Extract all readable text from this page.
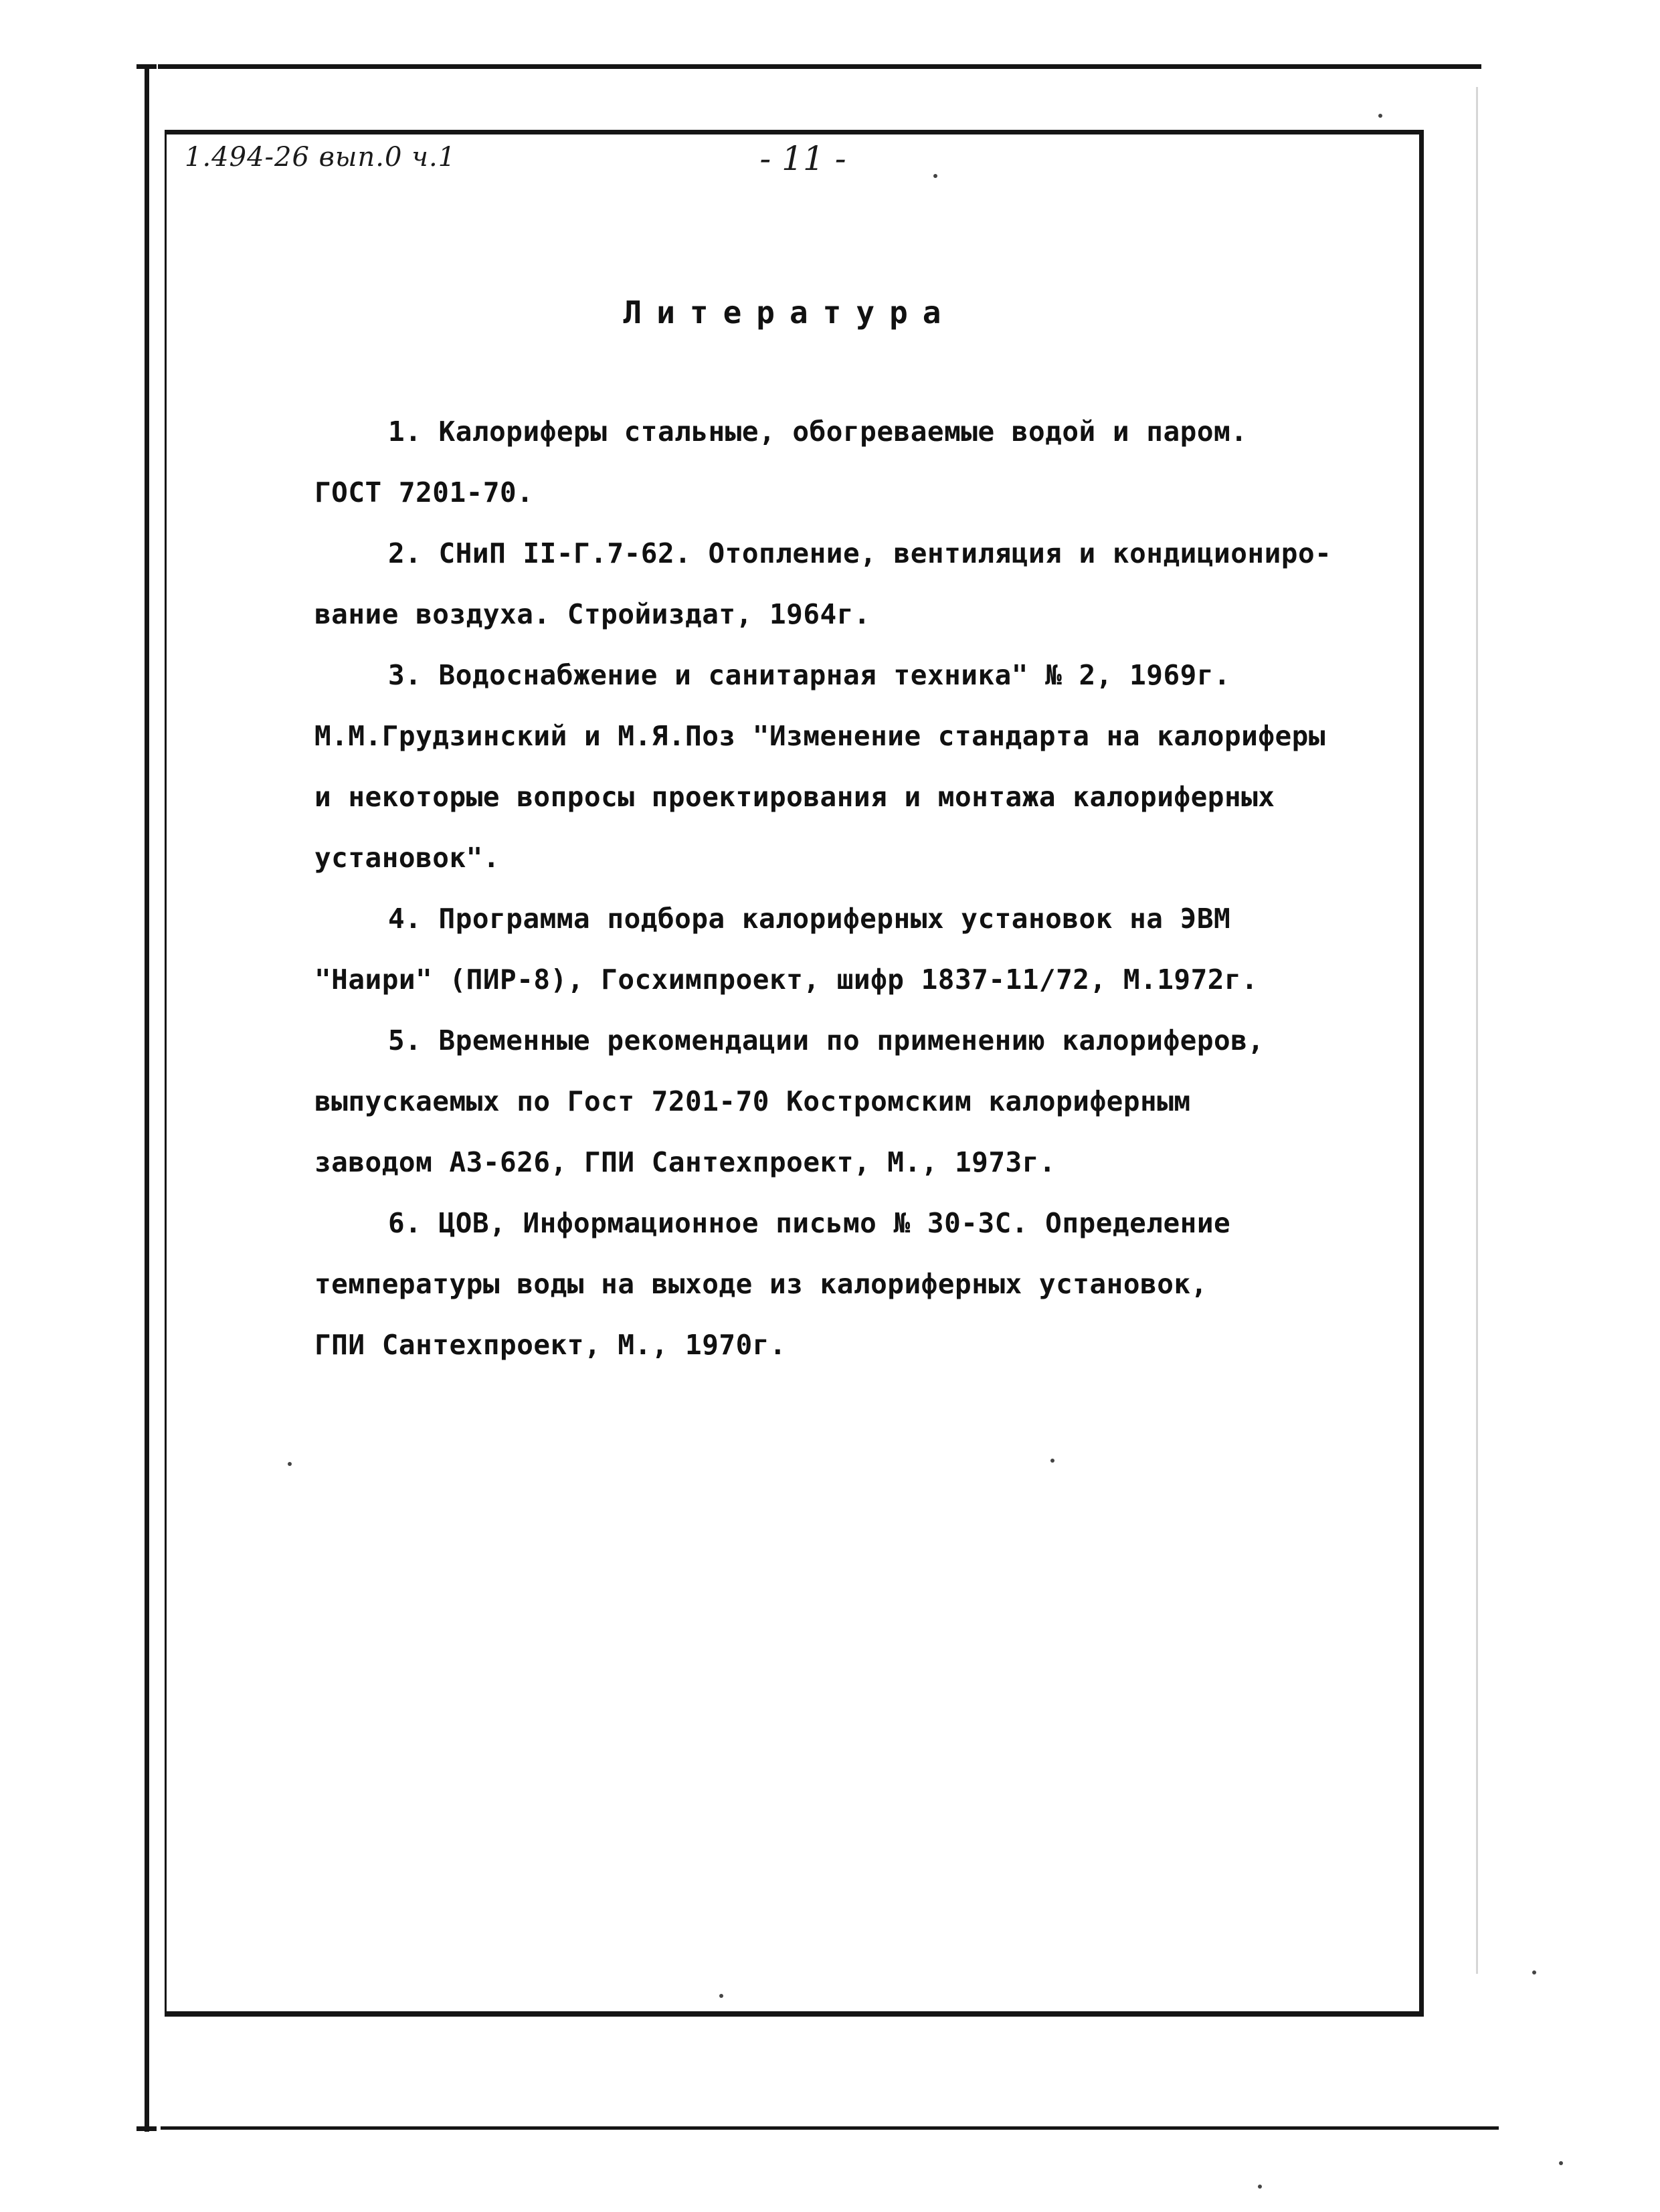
1.494-26 вып.0 ч.1	- 11 -
Литература
1. Калориферы стальные, обогреваемые водой и паром.
ГОСТ 7201-70.
2. СНиП II-Г.7-62. Отопление, вентиляция и кондициониро-
вание воздуха. Стройиздат, 1964г.
3. Водоснабжение и санитарная техника" № 2, 1969г.
М.М.Грудзинский и М.Я.Поз "Изменение стандарта на калориферы
и некоторые вопросы проектирования и монтажа калориферных
установок".
4. Программа подбора калориферных установок на ЭВМ
"Наири" (ПИР-8), Госхимпроект, шифр 1837-11/72, М.1972г.
5. Временные рекомендации по применению калориферов,
выпускаемых по Гост 7201-70 Костромским калориферным
заводом АЗ-626, ГПИ Сантехпроект, М., 1973г.
6. ЦОВ, Информационное письмо № 30-3С. Определение
температуры воды на выходе из калориферных установок,
ГПИ Сантехпроект, М., 1970г.
